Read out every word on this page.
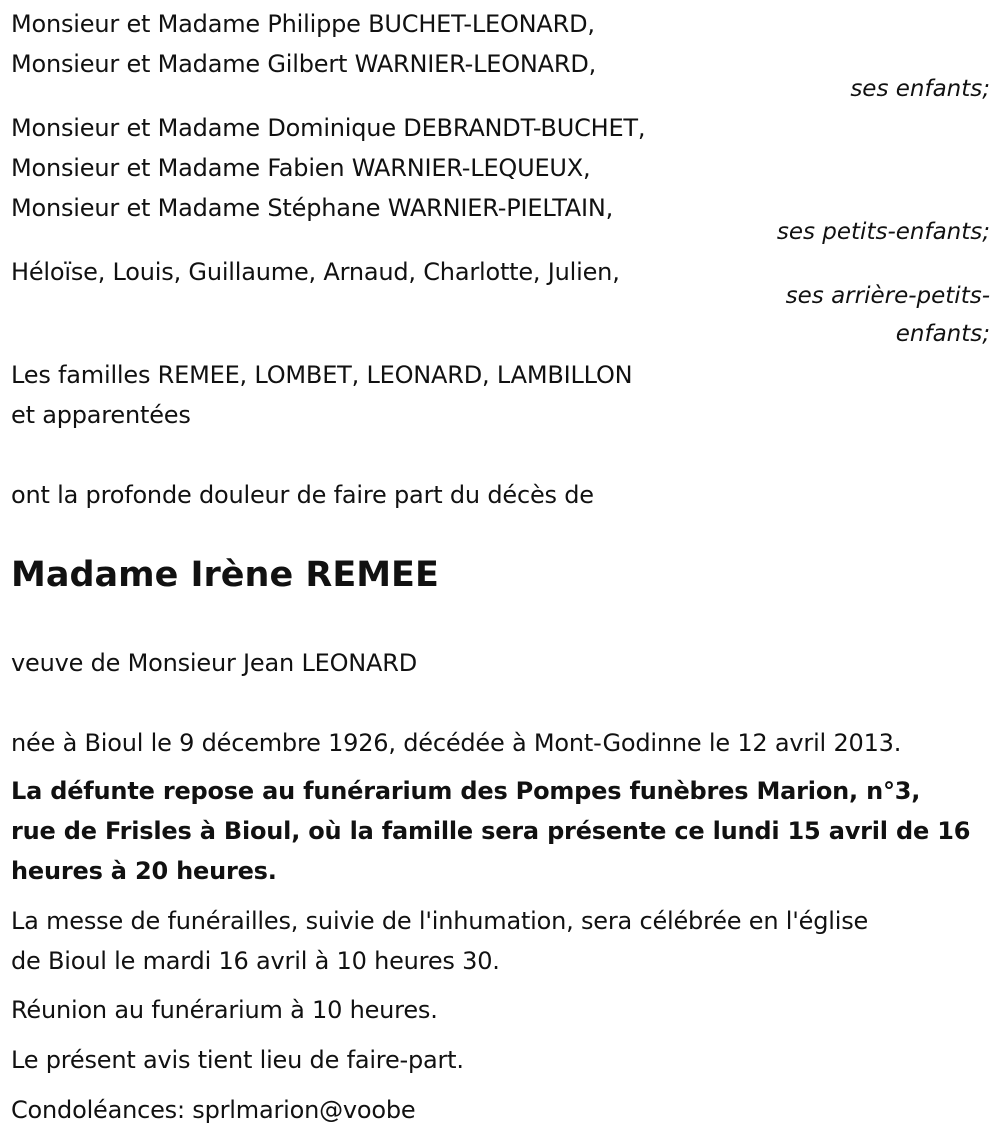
Monsieur et Madame Philippe BUCHET-LEONARD,
Monsieur et Madame Gilbert WARNIER-LEONARD,
ses enfants;
Monsieur et Madame Dominique DEBRANDT-BUCHET,
Monsieur et Madame Fabien WARNIER-LEQUEUX,
Monsieur et Madame Stéphane WARNIER-PIELTAIN,
ses petits-enfants;
Héloïse, Louis, Guillaume, Arnaud, Charlotte, Julien,
ses arrière-petits-
enfants;
Les familles REMEE, LOMBET, LEONARD, LAMBILLON
et apparentées
ont la profonde douleur de faire part du décès de
Madame Irène REMEE
veuve de Monsieur Jean LEONARD
née à Bioul le 9 décembre 1926, décédée à Mont-Godinne le 12 avril 2013.
La défunte repose au funérarium des Pompes funèbres Marion, n°3,
rue de Frisles à Bioul, où la famille sera présente ce lundi 15 avril de 16
heures à 20 heures.
La messe de funérailles, suivie de l'inhumation, sera célébrée en l'église
de Bioul le mardi 16 avril à 10 heures 30.
Réunion au funérarium à 10 heures.
Le présent avis tient lieu de faire-part.
Condoléances: sprlmarion@voobe
